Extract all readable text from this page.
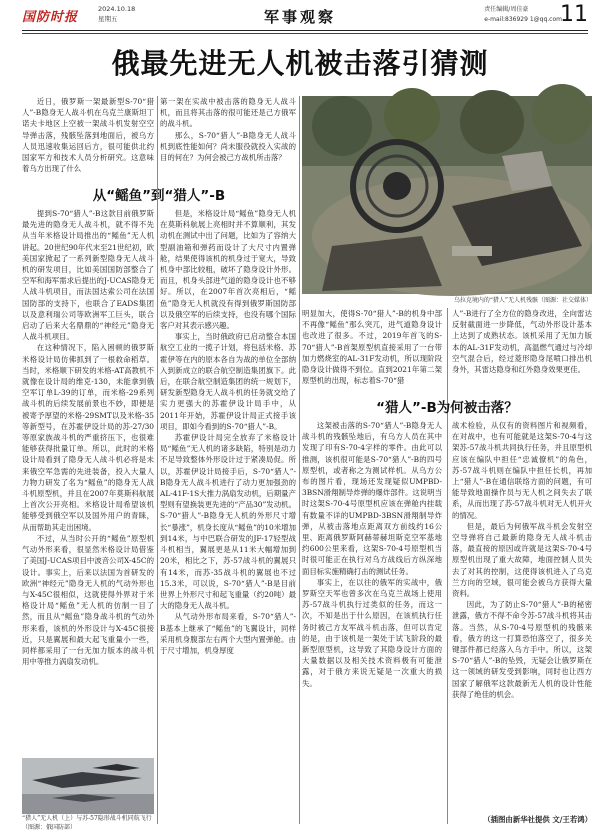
国防时报
2024.10.18
星期五	军事观察	责任编辑/周佳豪
e-mail:836929 1@qq.com
11
俄最先进无人机被击落引猜测

近日，俄罗斯一架最新型S-70“猎人”-B隐身无人战斗机在乌克兰康斯坦丁诺夫卡地区上空被一架战斗机发射空空导弹击落，残骸坠落到地面后，被乌方人员迅速收集运回后方，很可能供北约国家军方和技术人员分析研究。这意味着乌方出现了什么

第一架在实战中被击落的隐身无人战斗机，而且将其击落的很可能还是己方俄军的战斗机。

那么，S-70“猎人”-B隐身无人战斗机到底性能如何？尚未服役就投入实战的目的何在？为何会被己方战机所击落？

从“鳐鱼”到“猎人”-B

提到S-70“猎人”-B这款目前俄罗斯最先进的隐身无人战斗机，就不得不先从当年米格设计局推出的“鳐鱼”无人机讲起。20世纪90年代末至21世纪初，欧美国家掀起了一系列新型隐身无人战斗机的研发项目，比如美国国防部整合了空军和海军需求后提出的J-UCAS隐身无人战斗机项目，而法国达索公司在法国国防部的支持下，也联合了EADS集团以及意利瑞公司等欧洲军工巨头，联合启动了后来大名鼎鼎的“神经元”隐身无人战斗机项目。

在这种情况下，陷入困顿的俄罗斯米格设计局仿佛抓到了一根救命稻草。当时，米格顺下研发的米格-AT高教机不就像在设计局的维克-130，未能拿到俄空军订单L-39的订单，而米格-29系列战斗机的后续发展前景也不妙，即便是被寄予厚望的米格-29SMT以及米格-35等新型号，在苏霍伊设计局的苏-27/30等原家族战斗机的严重挤压下，也很难能够获得批量订单。所以，此时的米格设计局看到了隐身无人战斗机必将是未来俄空军急需的先进装备，投入大量人力物力研发了名为“鳐鱼”的隐身无人战斗机原型机，并且在2007年莫斯科航展上首次公开亮相。米格设计局希望该机能够受到俄空军以及国外用户的青睐，从而帮助其走出困境。

不过，从当时公开的“鳐鱼”原型机气动外形来看，很显然米格设计局借鉴了美国J-UCAS项目中波音公司X-45C的设计。事实上，后来以法国为首研发的欧洲“神经元”隐身无人机的气动外形也与X-45C很相似，这就使得外界对于米格设计局“鳐鱼”无人机的仿制一目了然，而且从“鳐鱼”隐身战斗机的气动外形来看，该机的外形设计与X-45C很接近，只是翼展和最大起飞重量小一些，同样都采用了一台无加力版本的战斗机用中等推力涡扇发动机。

但是，米格设计局“鳐鱼”隐身无人机在莫斯科航展上亮相时并不算顺利，其发动机在测试中出了问题，比如为了容纳大型副油箱和弹药而设计了大尺寸内置弹舱，结果使得该机的机身过于宽大，导致机身中部比较粗，破坏了隐身设计外形。而且，机身头部进气道的隐身设计也不够好。所以，在2007年首次亮相后，“鳐鱼”隐身无人机就没有得到俄罗斯国防部以及俄空军的后续支持，也没有哪个国际客户对其表示感兴趣。

事实上，当时俄政府已启动整合本国航空工业的一揽子计划，将包括米格、苏霍伊等在内的原本各自为战的单位全部纳入到新成立的联合航空制造集团旗下。此后，在联合航空制造集团的统一规划下，研发新型隐身无人战斗机的任务就交给了实力更强大的苏霍伊设计局手中，从2011年开始，苏霍伊设计局正式接手该项目，即如今看到的S-70“猎人”-B。

苏霍伊设计局完全放弃了米格设计局“鳐鱼”无人机的诸多缺陷，特别是动力不足导致整体外形设计过于紧凑局促。所以，苏霍伊设计局接手后，S-70“猎人”-B隐身无人战斗机进行了动力更加强劲的AL-41F-1S大推力涡扇发动机，后期量产型则有望换装更先进的“产品30”发动机。S-70“猎人”-B隐身无人机的外形尺寸增长“暴涨”，机身长度从“鳐鱼”的10米增加到14米，与中巴联合研发的JF-17轻型战斗机相当，翼展更是从11米大幅增加到20米，相比之下，苏-57战斗机的翼展只有14米，而苏-35战斗机的翼展也不过15.3米，可以说，S-70“猎人”-B是目前世界上外形尺寸和起飞重量（约20吨）最大的隐身无人战斗机。

从气动外形布局来看，S-70“猎人”-B基本上继承了“鳐鱼”的飞翼设计，同样采用机身腹部左右两个大型内置弹舱。由于尺寸增加，机身厚度

“猎人”无人机（上）与苏-57隐形战斗机同航飞行（图源：俄国防部）
乌拉克境内的“猎人”无人机残骸（图源：社交媒体）

明显加大，使得S-70“猎人”-B的机身中部不再像“鳐鱼”那么突兀，进气道隐身设计也改进了很多。不过，2019年首飞的S-70“猎人”-B首架原型机直接采用了一台带加力燃烧室的AL-31F发动机，所以现阶段隐身设计做得不到位。直到2021年第二架原型机的出现，标志着S-70“猎

人”-B进行了全方位的隐身改进，全向雷达反射截面进一步降低，气动外形设计基本上达到了成熟状态。该机采用了无加力版本的AL-31F发动机，高温燃气通过与冷却空气混合后，经过菱形隐身尾喷口排出机身外，其雷达隐身和红外隐身效果更佳。

“猎人”-B为何被击落？

这架被击落的S-70“猎人”-B隐身无人战斗机的残骸坠地后，有乌方人员在其中发现了印有S-70-4字样的零件。由此可以推测，该机很可能是S-70“猎人”-B的四号原型机，或者称之为测试样机。从乌方公布的图片看，现场还发现疑似UMPBD-3BSN滑翔制导炸弹的爆炸部件。这说明当时这架S-70-4号原型机应该在弹舱内挂载有数量不详的UMPBD-3BSN滑翔制导炸弹，从被击落地点距离双方前线约16公里、距离俄罗斯阿赫蒂赫坦斯克空军基地约600公里来看，这架S-70-4号原型机当时很可能正在执行对乌方战线后方纵深地面目标实施精确打击的测试任务。

事实上，在以往的俄军的实战中，俄罗斯空天军也曾多次在乌克兰战场上使用苏-57战斗机执行过类似的任务，而这一次，不知是出于什么原因，在该机执行任务时被己方友军战斗机击落，但可以肯定的是，由于该机是一架处于试飞阶段的最新型原型机，这导致了其隐身设计方面的大量数据以及相关技术资料极有可能泄露，对于俄方来说无疑是一次重大的损失。

战术检验，从仅有的资料图片和视频看，在对战中，也有可能就是这架S-70-4与这架苏-57战斗机共同执行任务，并且原型机应该在编队中担任“忠诚僚机”的角色，苏-57战斗机则在编队中担任长机，再加上“猎人”-B在通信联络方面的问题，有可能导致地面操作员与无人机之间失去了联系，从而出现了苏-57战斗机对无人机开火的情况。

但是，最后为何俄军战斗机会发射空空导弹将自己最新的隐身无人战斗机击落，最直接的原因或许就是这架S-70-4号原型机出现了重大故障，地面控制人员失去了对其的控制，这使得该机进入了乌克兰方向的空域，很可能会被乌方获得大量资料。

因此，为了防止S-70“猎人”-B的秘密泄露，俄方不得不命令苏-57战斗机将其击落。当然，从S-70-4号原型机的残骸来看，俄方的这一打算恐怕落空了，很多关键部件都已经落入乌方手中。所以，这架S-70“猎人”-B的坠毁，无疑会让俄罗斯在这一领域的研发受到影响，同时也让西方国家了解俄军这款最新无人机的设计性能获得了绝佳的机会。

（插图由新华社提供 文/王若鸿）
